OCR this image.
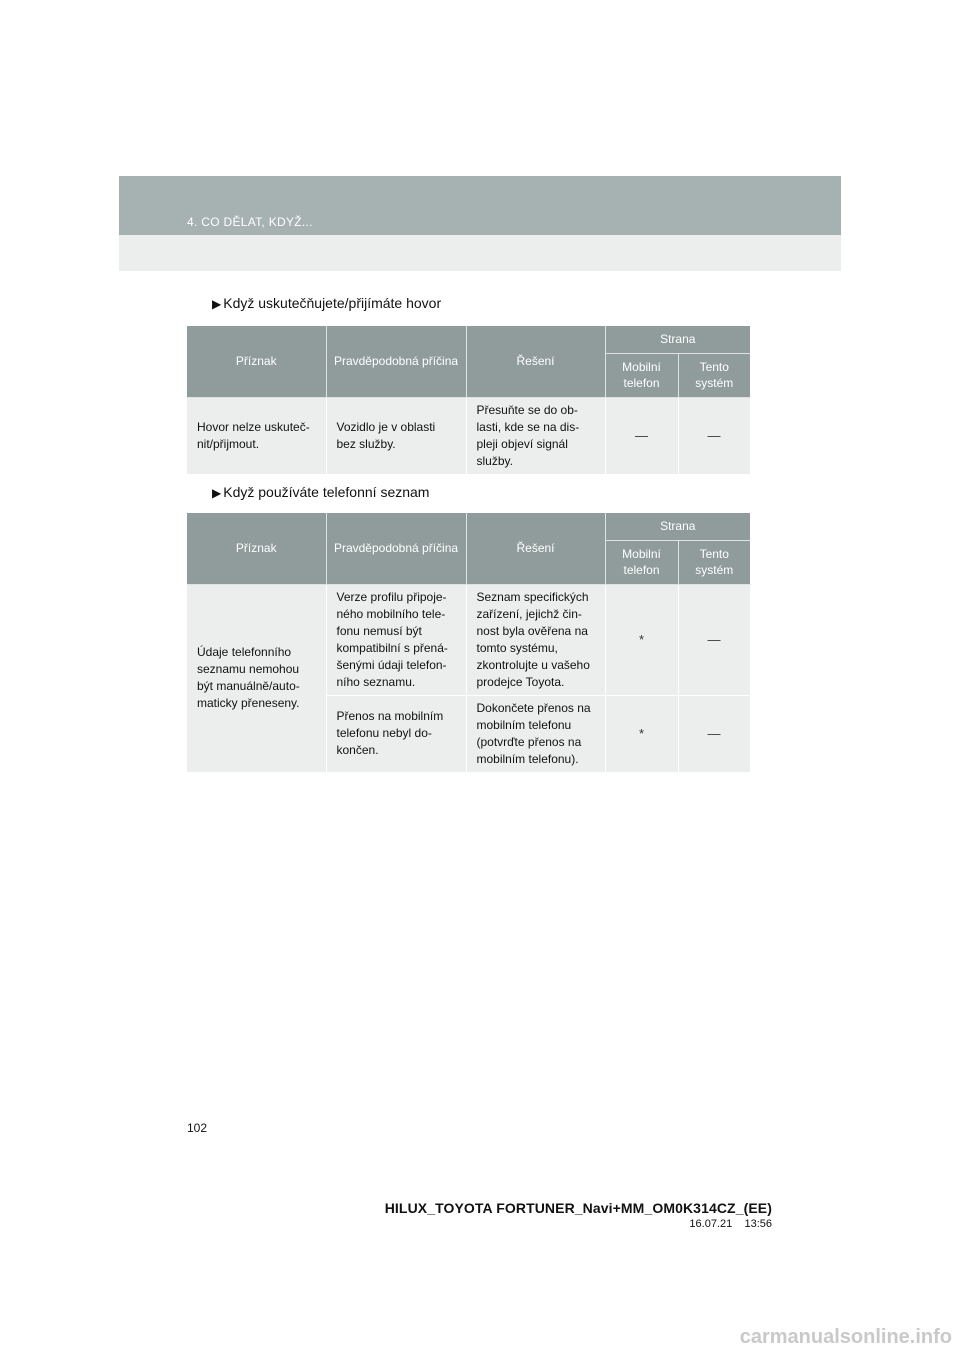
4. CO DĚLAT, KDYŽ...
▶ Když uskutečňujete/přijímáte hovor
Příznak	Pravděpodobná příčina	Řešení	Strana	
			Mobilní telefon	Tento systém
Hovor nelze uskuteč-nit/přijmout.	Vozidlo je v oblasti bez služby.	Přesuňte se do ob-lasti, kde se na dis-pleji objeví signál služby.	—	—
▶ Když používáte telefonní seznam
Příznak	Pravděpodobná příčina	Řešení	Strana	
			Mobilní telefon	Tento systém
Údaje telefonního seznamu nemohou být manuálně/auto-maticky přeneseny.	Verze profilu připoje-ného mobilního tele-fonu nemusí být kompatibilní s přená-šenými údaji telefon-ního seznamu.	Seznam specifických zařízení, jejichž čin-nost byla ověřena na tomto systému, zkontrolujte u vašeho prodejce Toyota.	*	—
	Přenos na mobilním telefonu nebyl do-končen.	Dokončete přenos na mobilním telefonu (potvrďte přenos na mobilním telefonu).	*	—
102
HILUX_TOYOTA FORTUNER_Navi+MM_OM0K314CZ_(EE)
16.07.21 13:56
carmanualsonline.info
